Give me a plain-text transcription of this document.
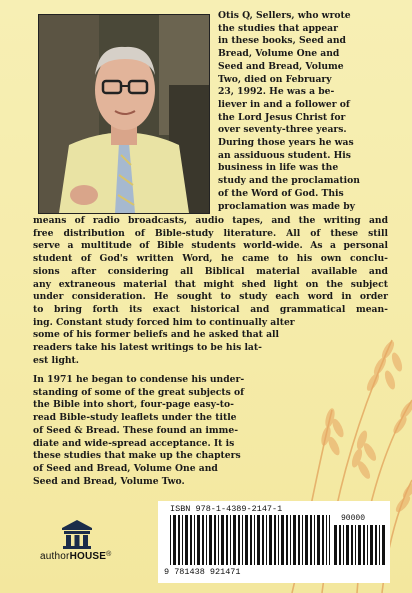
Otis Q, Sellers, who wrote
the studies that appear
in these books, Seed and
Bread, Volume One and
Seed and Bread, Volume
Two, died on February
23, 1992. He was a be-
liever in and a follower of
the Lord Jesus Christ for
over seventy-three years.
During those years he was
an assiduous student. His
business in life was the
study and the proclamation
of the Word of God. This
proclamation was made by

means of radio broadcasts, audio tapes, and the writing and
free distribution of Bible-study literature. All of these still
serve a multitude of Bible students world-wide. As a personal
student of God's written Word, he came to his own conclu-
sions after considering all Biblical material available and
any extraneous material that might shed light on the subject
under consideration. He sought to study each word in order
to bring forth its exact historical and grammatical mean-
ing. Constant study forced him to continually alter
some of his former beliefs and he asked that all
readers take his latest writings to be his lat-
est light.

In 1971 he began to condense his under-
standing of some of the great subjects of
the Bible into short, four-page easy-to-
read Bible-study leaflets under the title
of Seed & Bread. These found an imme-
diate and wide-spread acceptance. It is
these studies that make up the chapters
of Seed and Bread, Volume One and
Seed and Bread, Volume Two.

authorHOUSE®
ISBN 978-1-4389-2147-1
90000
9 781438 921471
